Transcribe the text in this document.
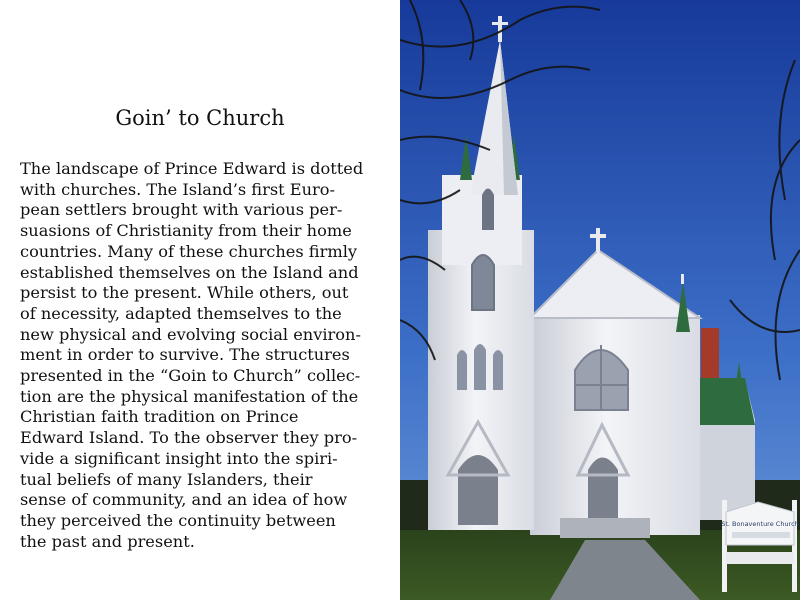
Goin’ to Church
The landscape of Prince Edward is dotted
with churches. The Island’s first Euro-
pean settlers brought with various per-
suasions of Christianity from their home
countries. Many of these churches firmly
established themselves on the Island and
persist to the present. While others, out
of necessity, adapted themselves to the
new physical and evolving social environ-
ment in order to survive. The structures
presented in the “Goin to Church” collec-
tion are the physical manifestation of the
Christian faith tradition on Prince
Edward Island. To the observer they pro-
vide a significant insight into the spiri-
tual beliefs of many Islanders, their
sense of community, and an idea of how
they perceived the continuity between
the past and present.
St. Bonaventure Church
